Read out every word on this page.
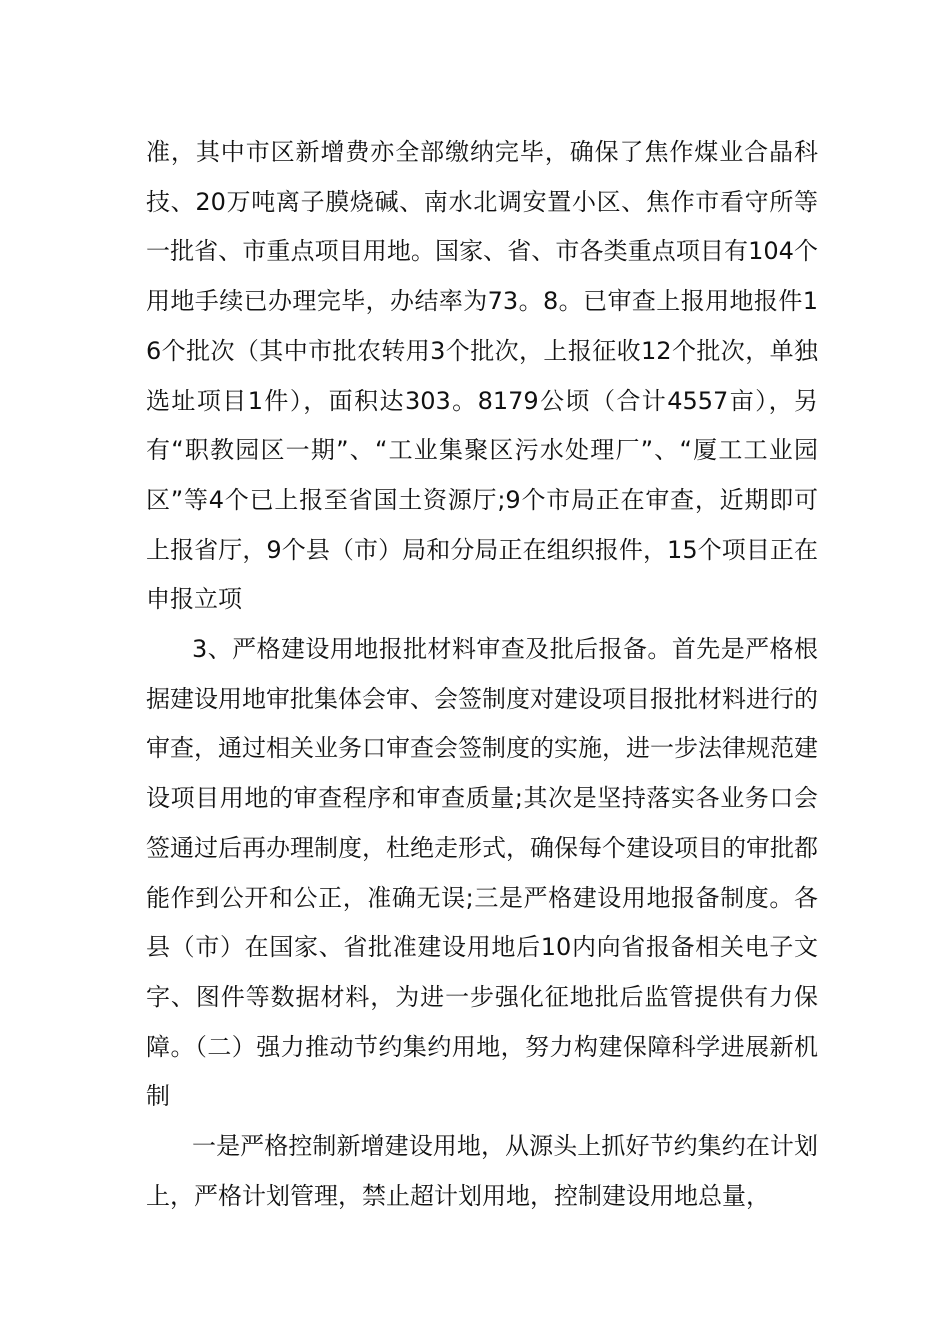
准，其中市区新增费亦全部缴纳完毕，确保了焦作煤业合晶科技、20万吨离子膜烧碱、南水北调安置小区、焦作市看守所等一批省、市重点项目用地。国家、省、市各类重点项目有104个用地手续已办理完毕，办结率为73。8。已审查上报用地报件16个批次（其中市批农转用3个批次，上报征收12个批次，单独选址项目1件），面积达303。8179公顷（合计4557亩），另有“职教园区一期”、“工业集聚区污水处理厂”、“厦工工业园区”等4个已上报至省国土资源厅;9个市局正在审查，近期即可上报省厅，9个县（市）局和分局正在组织报件，15个项目正在申报立项

3、严格建设用地报批材料审查及批后报备。首先是严格根据建设用地审批集体会审、会签制度对建设项目报批材料进行的审查，通过相关业务口审查会签制度的实施，进一步法律规范建设项目用地的审查程序和审查质量;其次是坚持落实各业务口会签通过后再办理制度，杜绝走形式，确保每个建设项目的审批都能作到公开和公正，准确无误;三是严格建设用地报备制度。各县（市）在国家、省批准建设用地后10内向省报备相关电子文字、图件等数据材料，为进一步强化征地批后监管提供有力保障。（二）强力推动节约集约用地，努力构建保障科学进展新机制

一是严格控制新增建设用地，从源头上抓好节约集约在计划上，严格计划管理，禁止超计划用地，控制建设用地总量，
